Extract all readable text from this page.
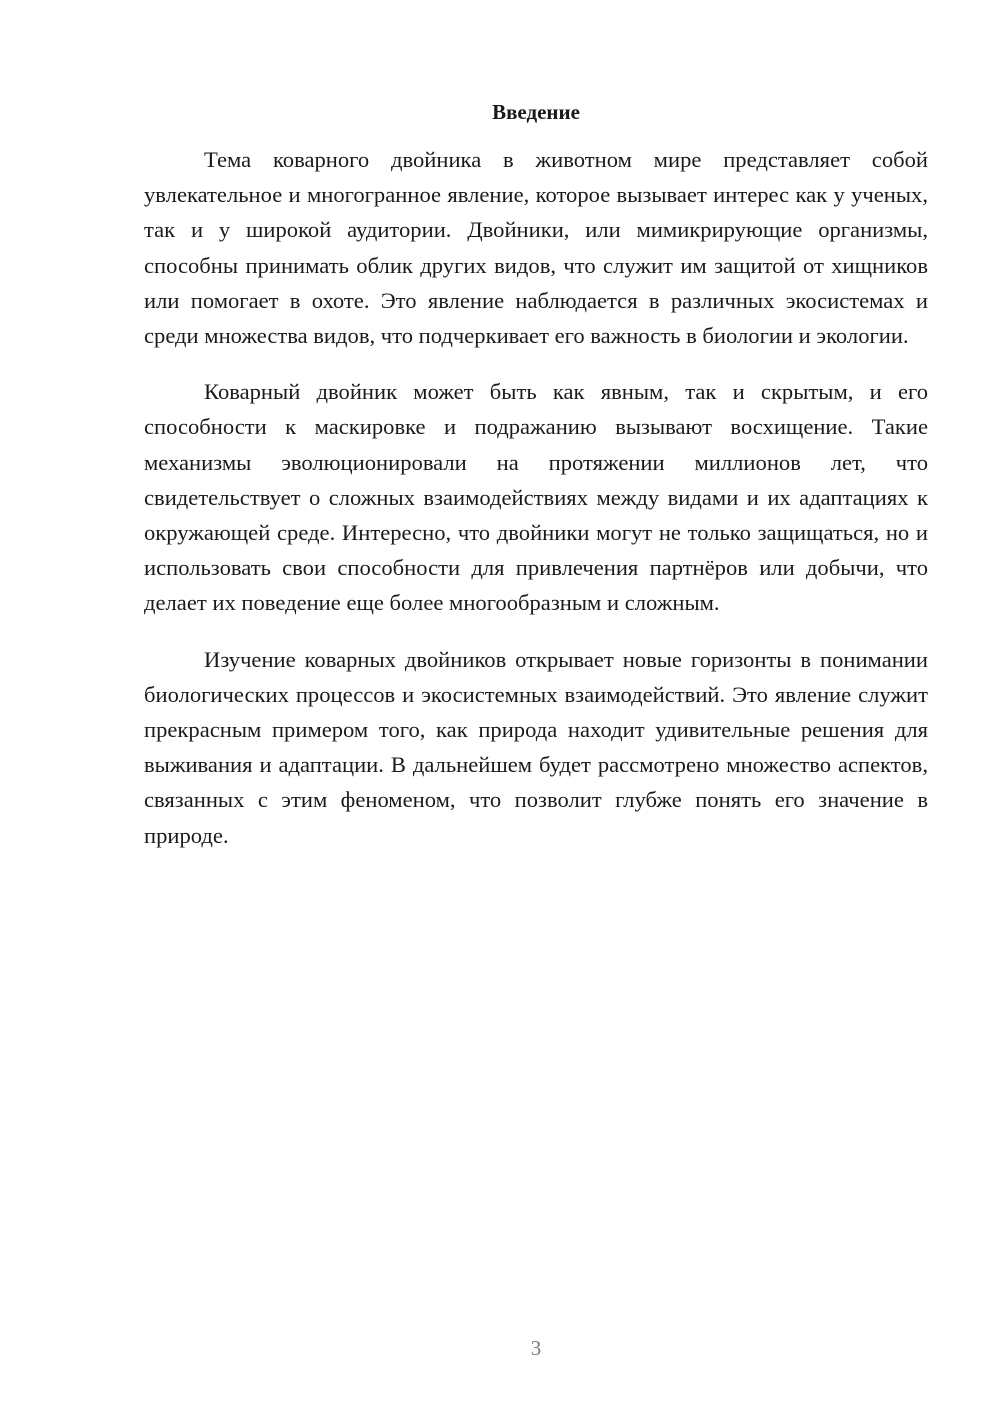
Введение

Тема коварного двойника в животном мире представляет собой увлекательное и многогранное явление, которое вызывает интерес как у ученых, так и у широкой аудитории. Двойники, или мимикрирующие организмы, способны принимать облик других видов, что служит им защитой от хищников или помогает в охоте. Это явление наблюдается в различных экосистемах и среди множества видов, что подчеркивает его важность в биологии и экологии.

Коварный двойник может быть как явным, так и скрытым, и его способности к маскировке и подражанию вызывают восхищение. Такие механизмы эволюционировали на протяжении миллионов лет, что свидетельствует о сложных взаимодействиях между видами и их адаптациях к окружающей среде. Интересно, что двойники могут не только защищаться, но и использовать свои способности для привлечения партнёров или добычи, что делает их поведение еще более многообразным и сложным.

Изучение коварных двойников открывает новые горизонты в понимании биологических процессов и экосистемных взаимодействий. Это явление служит прекрасным примером того, как природа находит удивительные решения для выживания и адаптации. В дальнейшем будет рассмотрено множество аспектов, связанных с этим феноменом, что позволит глубже понять его значение в природе.

3
